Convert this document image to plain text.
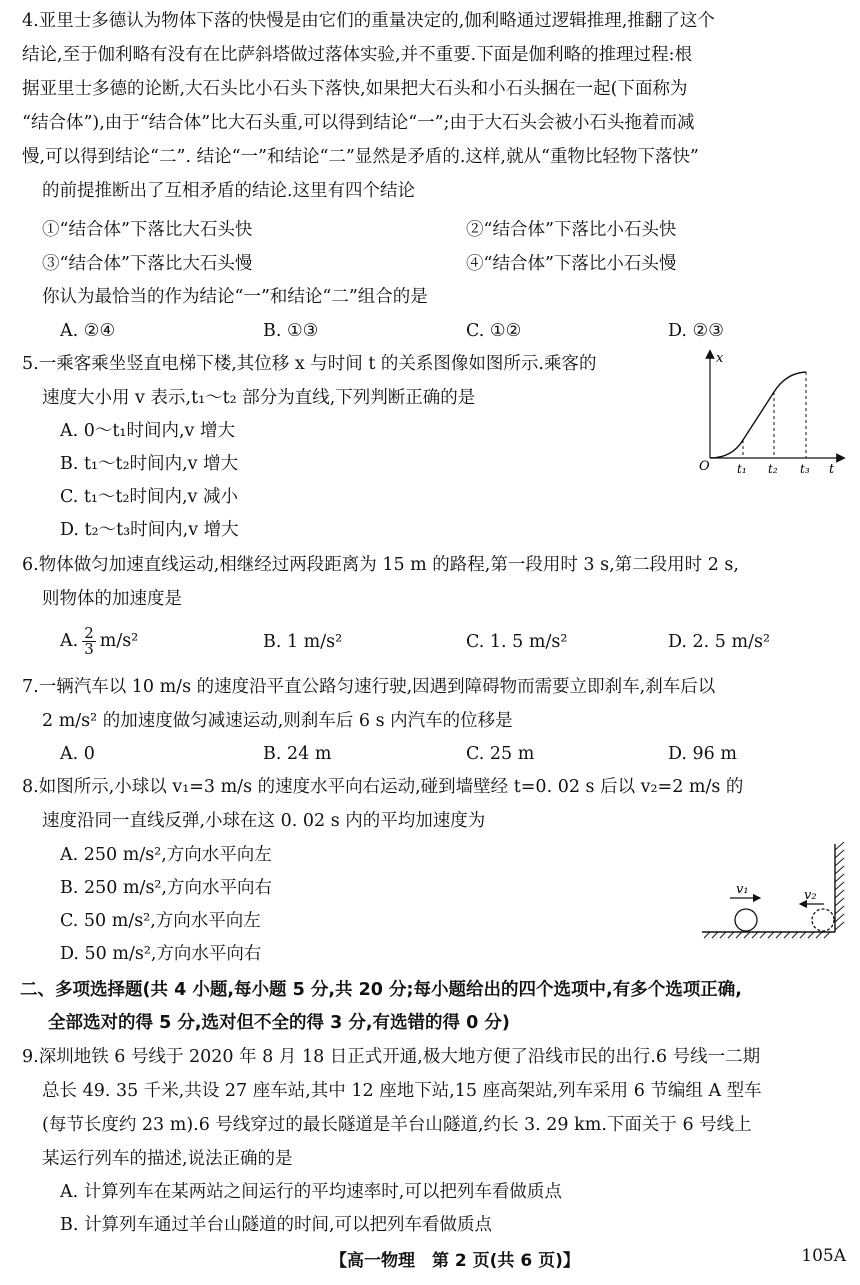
4.亚里士多德认为物体下落的快慢是由它们的重量决定的,伽利略通过逻辑推理,推翻了这个
结论,至于伽利略有没有在比萨斜塔做过落体实验,并不重要.下面是伽利略的推理过程:根
据亚里士多德的论断,大石头比小石头下落快,如果把大石头和小石头捆在一起(下面称为
“结合体”),由于“结合体”比大石头重,可以得到结论“一”;由于大石头会被小石头拖着而减
慢,可以得到结论“二”. 结论“一”和结论“二”显然是矛盾的.这样,就从“重物比轻物下落快”
的前提推断出了互相矛盾的结论.这里有四个结论
①“结合体”下落比大石头快	②“结合体”下落比小石头快
③“结合体”下落比大石头慢	④“结合体”下落比小石头慢
你认为最恰当的作为结论“一”和结论“二”组合的是
A. ②④	B. ①③	C. ①②	D. ②③
5.一乘客乘坐竖直电梯下楼,其位移 x 与时间 t 的关系图像如图所示.乘客的
速度大小用 v 表示,t₁～t₂ 部分为直线,下列判断正确的是
A. 0～t₁时间内,v 增大
B. t₁～t₂时间内,v 增大
C. t₁～t₂时间内,v 减小
D. t₂～t₃时间内,v 增大
x
t
O t₁ t₂ t₃
6.物体做匀加速直线运动,相继经过两段距离为 15 m 的路程,第一段用时 3 s,第二段用时 2 s,
则物体的加速度是
A. $\frac{2}{3} m/s^2$	B. 1 m/s²	C. 1. 5 m/s²	D. 2. 5 m/s²
7.一辆汽车以 10 m/s 的速度沿平直公路匀速行驶,因遇到障碍物而需要立即刹车,刹车后以
2 m/s² 的加速度做匀减速运动,则刹车后 6 s 内汽车的位移是
A. 0	B. 24 m	C. 25 m	D. 96 m
8.如图所示,小球以 v₁=3 m/s 的速度水平向右运动,碰到墙壁经 t=0. 02 s 后以 v₂=2 m/s 的
速度沿同一直线反弹,小球在这 0. 02 s 内的平均加速度为
A. 250 m/s²,方向水平向左
B. 250 m/s²,方向水平向右
C. 50 m/s²,方向水平向左
D. 50 m/s²,方向水平向右
v₁	v₂
二、多项选择题(共 4 小题,每小题 5 分,共 20 分;每小题给出的四个选项中,有多个选项正确,
全部选对的得 5 分,选对但不全的得 3 分,有选错的得 0 分)
9.深圳地铁 6 号线于 2020 年 8 月 18 日正式开通,极大地方便了沿线市民的出行.6 号线一二期
总长 49. 35 千米,共设 27 座车站,其中 12 座地下站,15 座高架站,列车采用 6 节编组 A 型车
(每节长度约 23 m).6 号线穿过的最长隧道是羊台山隧道,约长 3. 29 km.下面关于 6 号线上
某运行列车的描述,说法正确的是
A. 计算列车在某两站之间运行的平均速率时,可以把列车看做质点
B. 计算列车通过羊台山隧道的时间,可以把列车看做质点
【高一物理　第 2 页(共 6 页)】	105A
